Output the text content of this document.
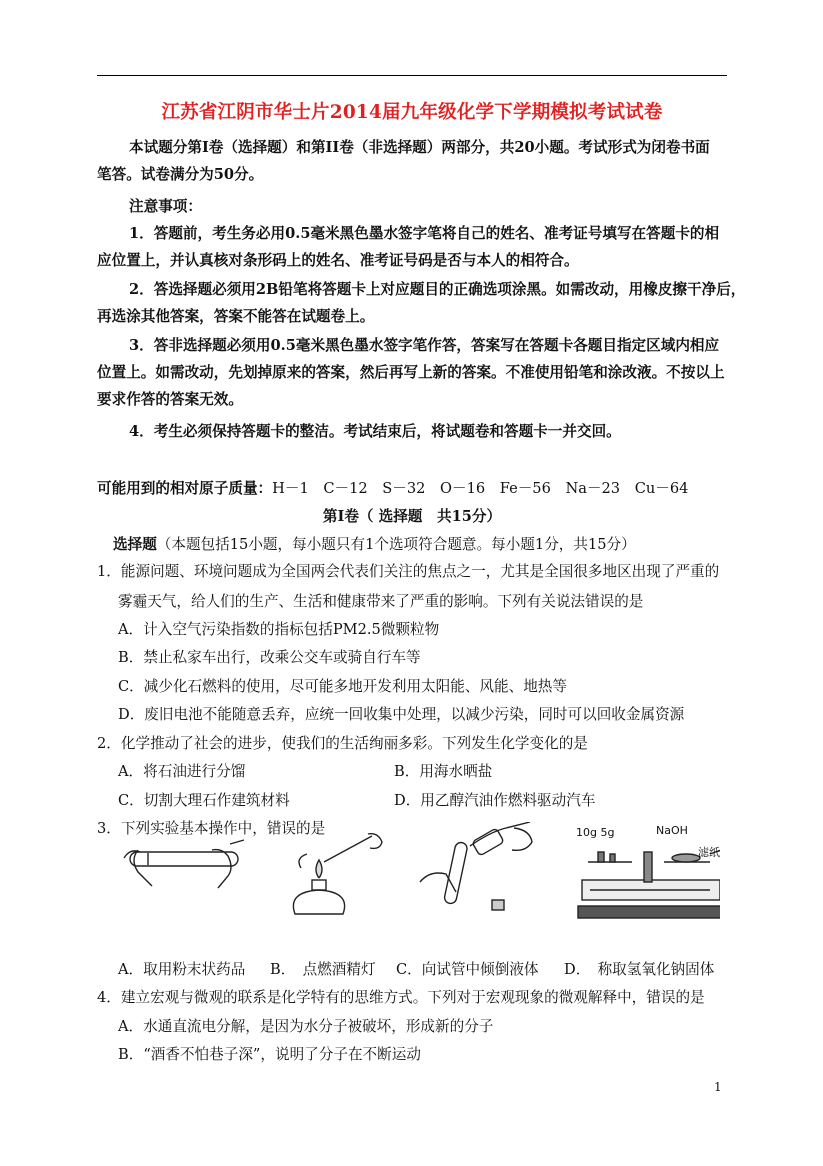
江苏省江阴市华士片2014届九年级化学下学期模拟考试试卷
本试题分第I卷（选择题）和第II卷（非选择题）两部分，共20小题。考试形式为闭卷书面
笔答。试卷满分为50分。
注意事项：
1．答题前，考生务必用0.5毫米黑色墨水签字笔将自己的姓名、准考证号填写在答题卡的相
应位置上，并认真核对条形码上的姓名、准考证号码是否与本人的相符合。
2．答选择题必须用2B铅笔将答题卡上对应题目的正确选项涂黑。如需改动，用橡皮擦干净后，
再选涂其他答案，答案不能答在试题卷上。
3．答非选择题必须用0.5毫米黑色墨水签字笔作答，答案写在答题卡各题目指定区域内相应
位置上。如需改动，先划掉原来的答案，然后再写上新的答案。不准使用铅笔和涂改液。不按以上
要求作答的答案无效。
4．考生必须保持答题卡的整洁。考试结束后，将试题卷和答题卡一并交回。
可能用到的相对原子质量：H－1　C－12　S－32　O－16　Fe－56　Na－23　Cu－64
第Ⅰ卷（ 选择题　共15分）
选择题（本题包括15小题，每小题只有1个选项符合题意。每小题1分，共15分）
1．能源问题、环境问题成为全国两会代表们关注的焦点之一，尤其是全国很多地区出现了严重的
雾霾天气，给人们的生产、生活和健康带来了严重的影响。下列有关说法错误的是
A．计入空气污染指数的指标包括PM2.5微颗粒物
B．禁止私家车出行，改乘公交车或骑自行车等
C．减少化石燃料的使用，尽可能多地开发利用太阳能、风能、地热等
D．废旧电池不能随意丢弃，应统一回收集中处理，以减少污染，同时可以回收金属资源
2．化学推动了社会的进步，使我们的生活绚丽多彩。下列发生化学变化的是
A．将石油进行分馏	B．用海水晒盐
C．切割大理石作建筑材料	D．用乙醇汽油作燃料驱动汽车
3．下列实验基本操作中，错误的是	10g 5g	NaOH
滤纸
A．取用粉末状药品 B．　点燃酒精灯 C．向试管中倾倒液体 D．　称取氢氧化钠固体
4．建立宏观与微观的联系是化学特有的思维方式。下列对于宏观现象的微观解释中，错误的是
A．水通直流电分解，是因为水分子被破坏，形成新的分子
B．“酒香不怕巷子深”，说明了分子在不断运动
1
